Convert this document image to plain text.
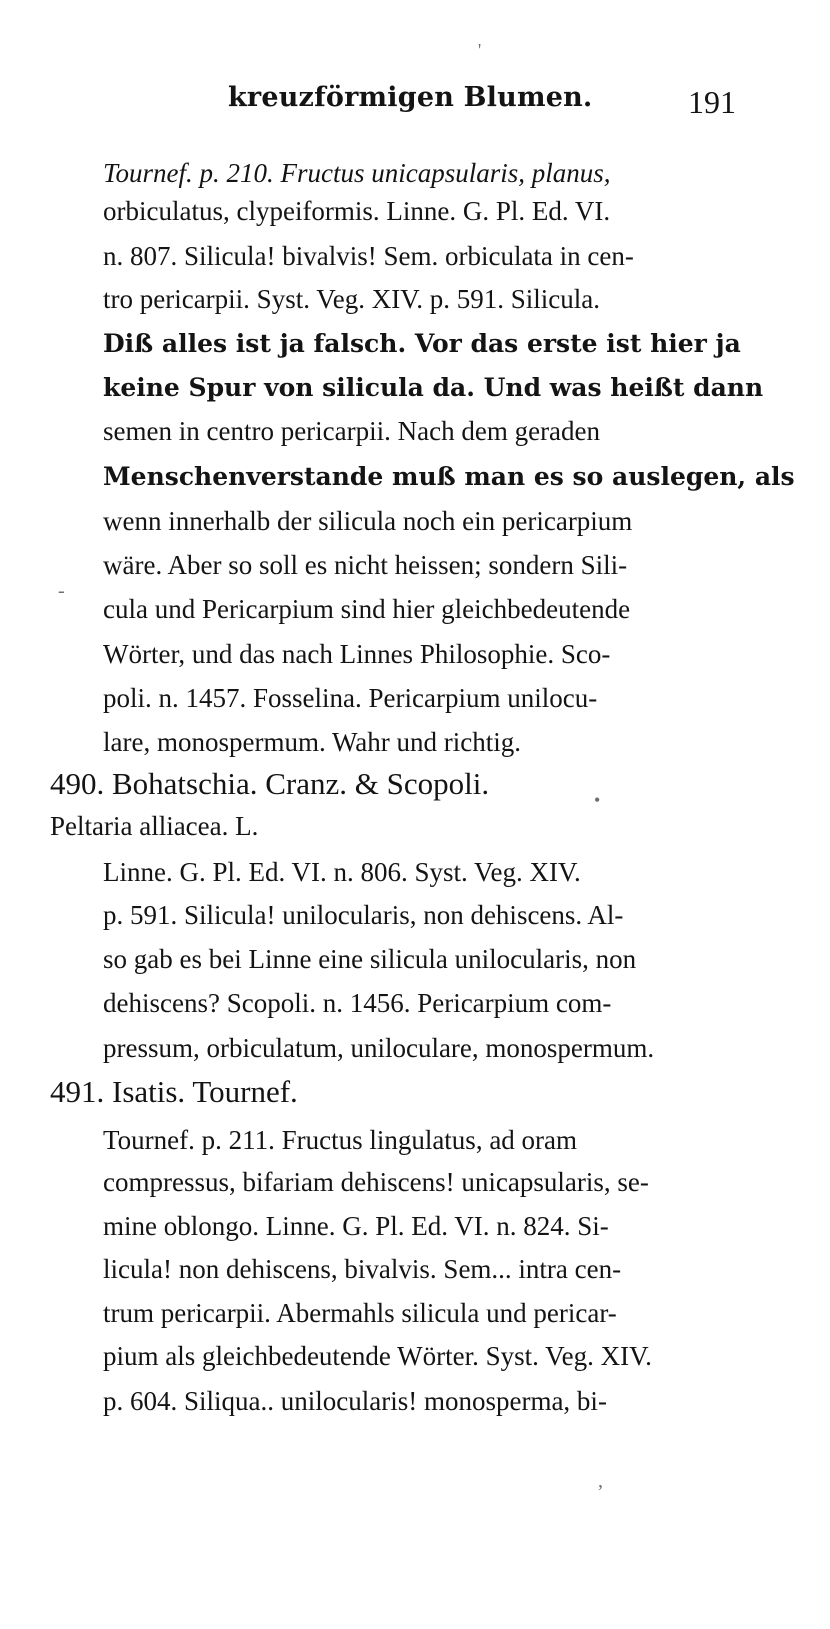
kreuzförmigen Blumen.	191
Tournef. p. 210. Fructus unicapsularis, planus,
orbiculatus, clypeiformis. Linne. G. Pl. Ed. VI.
n. 807. Silicula! bivalvis! Sem. orbiculata in cen-
tro pericarpii. Syst. Veg. XIV. p. 591. Silicula.
Diß alles ist ja falsch. Vor das erste ist hier ja
keine Spur von silicula da. Und was heißt dann
semen in centro pericarpii. Nach dem geraden
Menschenverstande muß man es so auslegen, als
wenn innerhalb der silicula noch ein pericarpium
wäre. Aber so soll es nicht heissen; sondern Sili-
cula und Pericarpium sind hier gleichbedeutende
Wörter, und das nach Linnes Philosophie. Sco-
poli. n. 1457. Fosselina. Pericarpium unilocu-
lare, monospermum. Wahr und richtig.
490. Bohatschia. Cranz. & Scopoli.
Peltaria alliacea. L.
Linne. G. Pl. Ed. VI. n. 806. Syst. Veg. XIV.
p. 591. Silicula! unilocularis, non dehiscens. Al-
so gab es bei Linne eine silicula unilocularis, non
dehiscens? Scopoli. n. 1456. Pericarpium com-
pressum, orbiculatum, uniloculare, monospermum.
491. Isatis. Tournef.
Tournef. p. 211. Fructus lingulatus, ad oram
compressus, bifariam dehiscens! unicapsularis, se-
mine oblongo. Linne. G. Pl. Ed. VI. n. 824. Si-
licula! non dehiscens, bivalvis. Sem... intra cen-
trum pericarpii. Abermahls silicula und pericar-
pium als gleichbedeutende Wörter. Syst. Veg. XIV.
p. 604. Siliqua.. unilocularis! monosperma, bi-
'
-
•
,
